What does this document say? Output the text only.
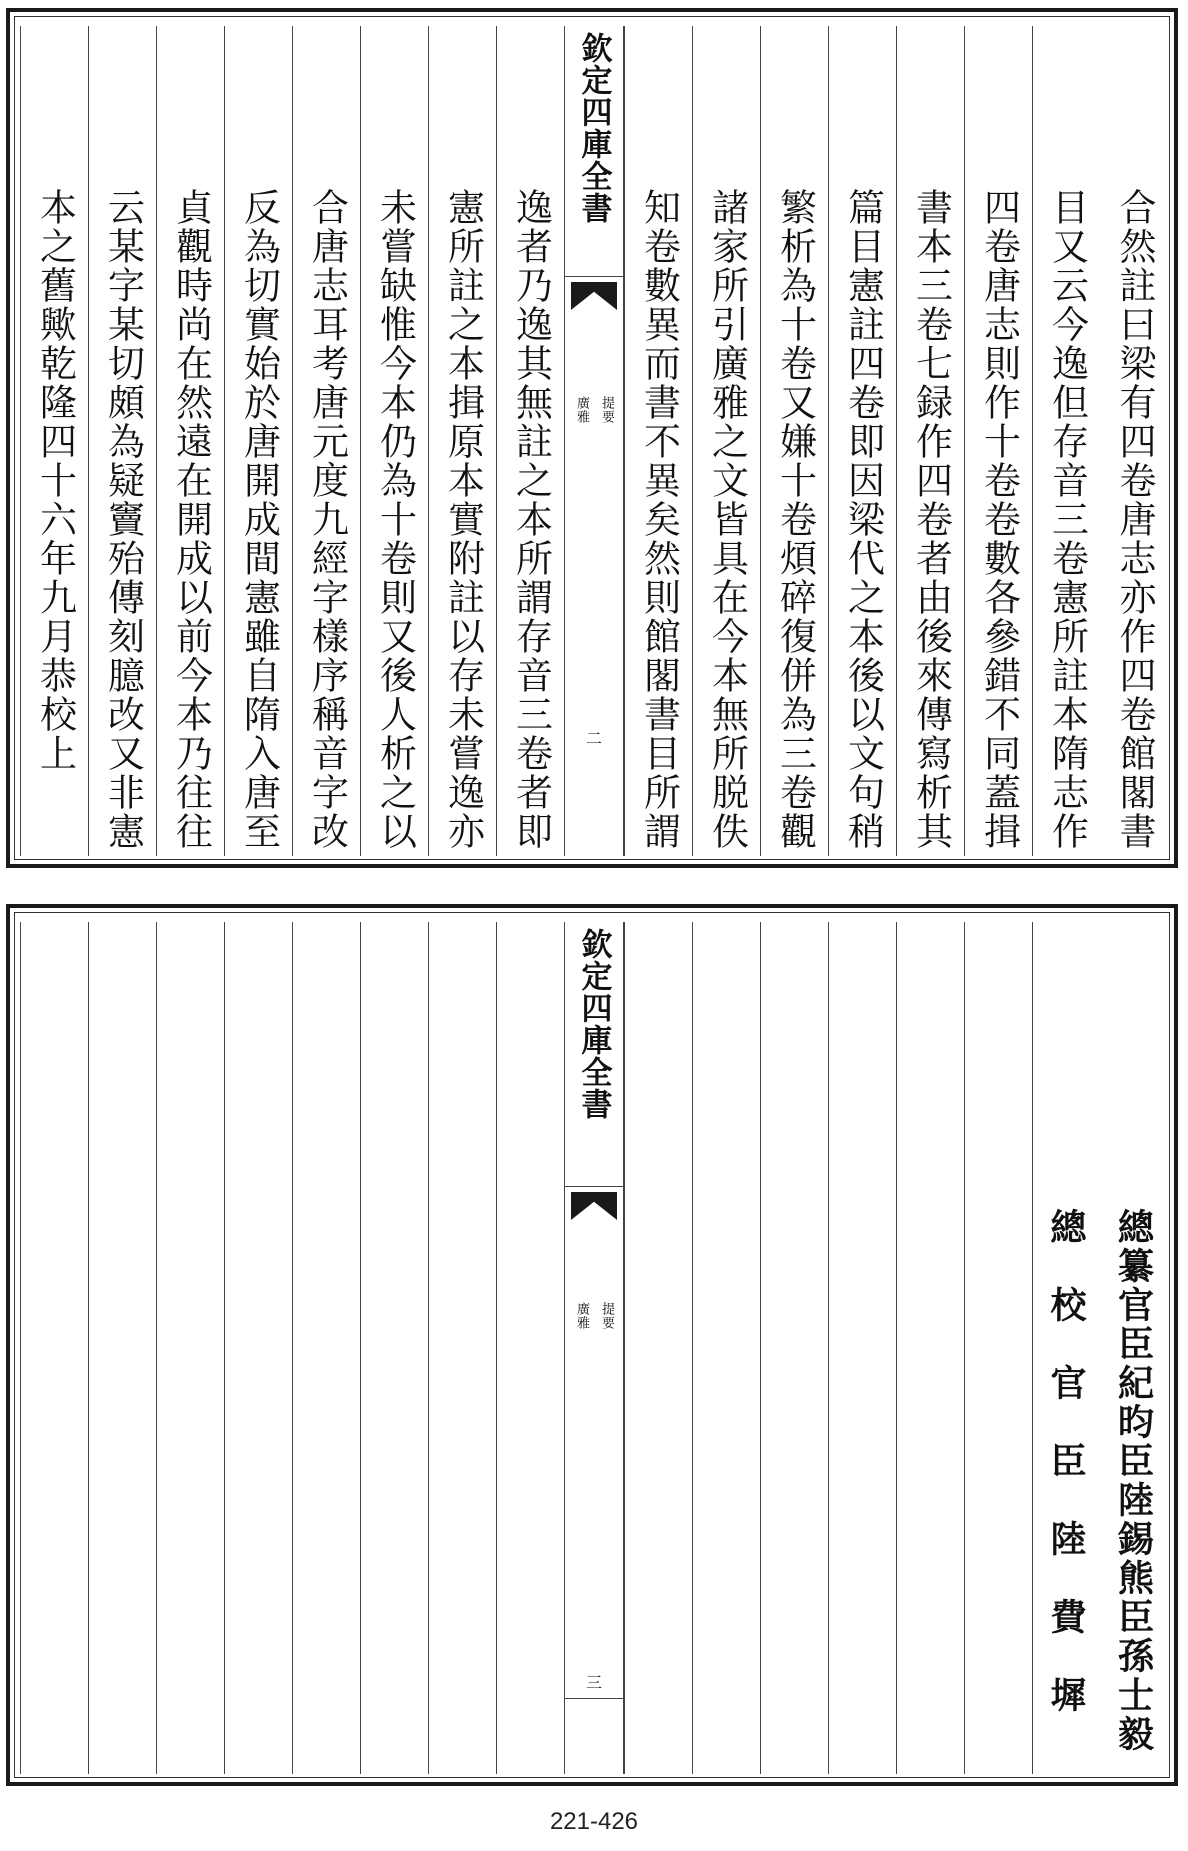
合然註曰梁有四卷唐志亦作四卷館閣書
目又云今逸但存音三卷憲所註本隋志作
四卷唐志則作十卷卷數各參錯不同蓋揖
書本三卷七録作四卷者由後來傳寫析其
篇目憲註四卷即因梁代之本後以文句稍
繁析為十卷又嫌十卷煩碎復併為三卷觀
諸家所引廣雅之文皆具在今本無所脱佚
知卷數異而書不異矣然則館閣書目所謂
欽定四庫全書
廣雅 提要
二
逸者乃逸其無註之本所謂存音三卷者即
憲所註之本揖原本實附註以存未嘗逸亦
未嘗缺惟今本仍為十卷則又後人析之以
合唐志耳考唐元度九經字樣序稱音字改
反為切實始於唐開成間憲雖自隋入唐至
貞觀時尚在然遠在開成以前今本乃往往
云某字某切頗為疑竇殆傳刻臆改又非憲
本之舊歟乾隆四十六年九月恭校上
總纂官臣紀昀臣陸錫熊臣孫士毅
總校官臣陸費墀
欽定四庫全書
廣雅 提要
三
221-426
